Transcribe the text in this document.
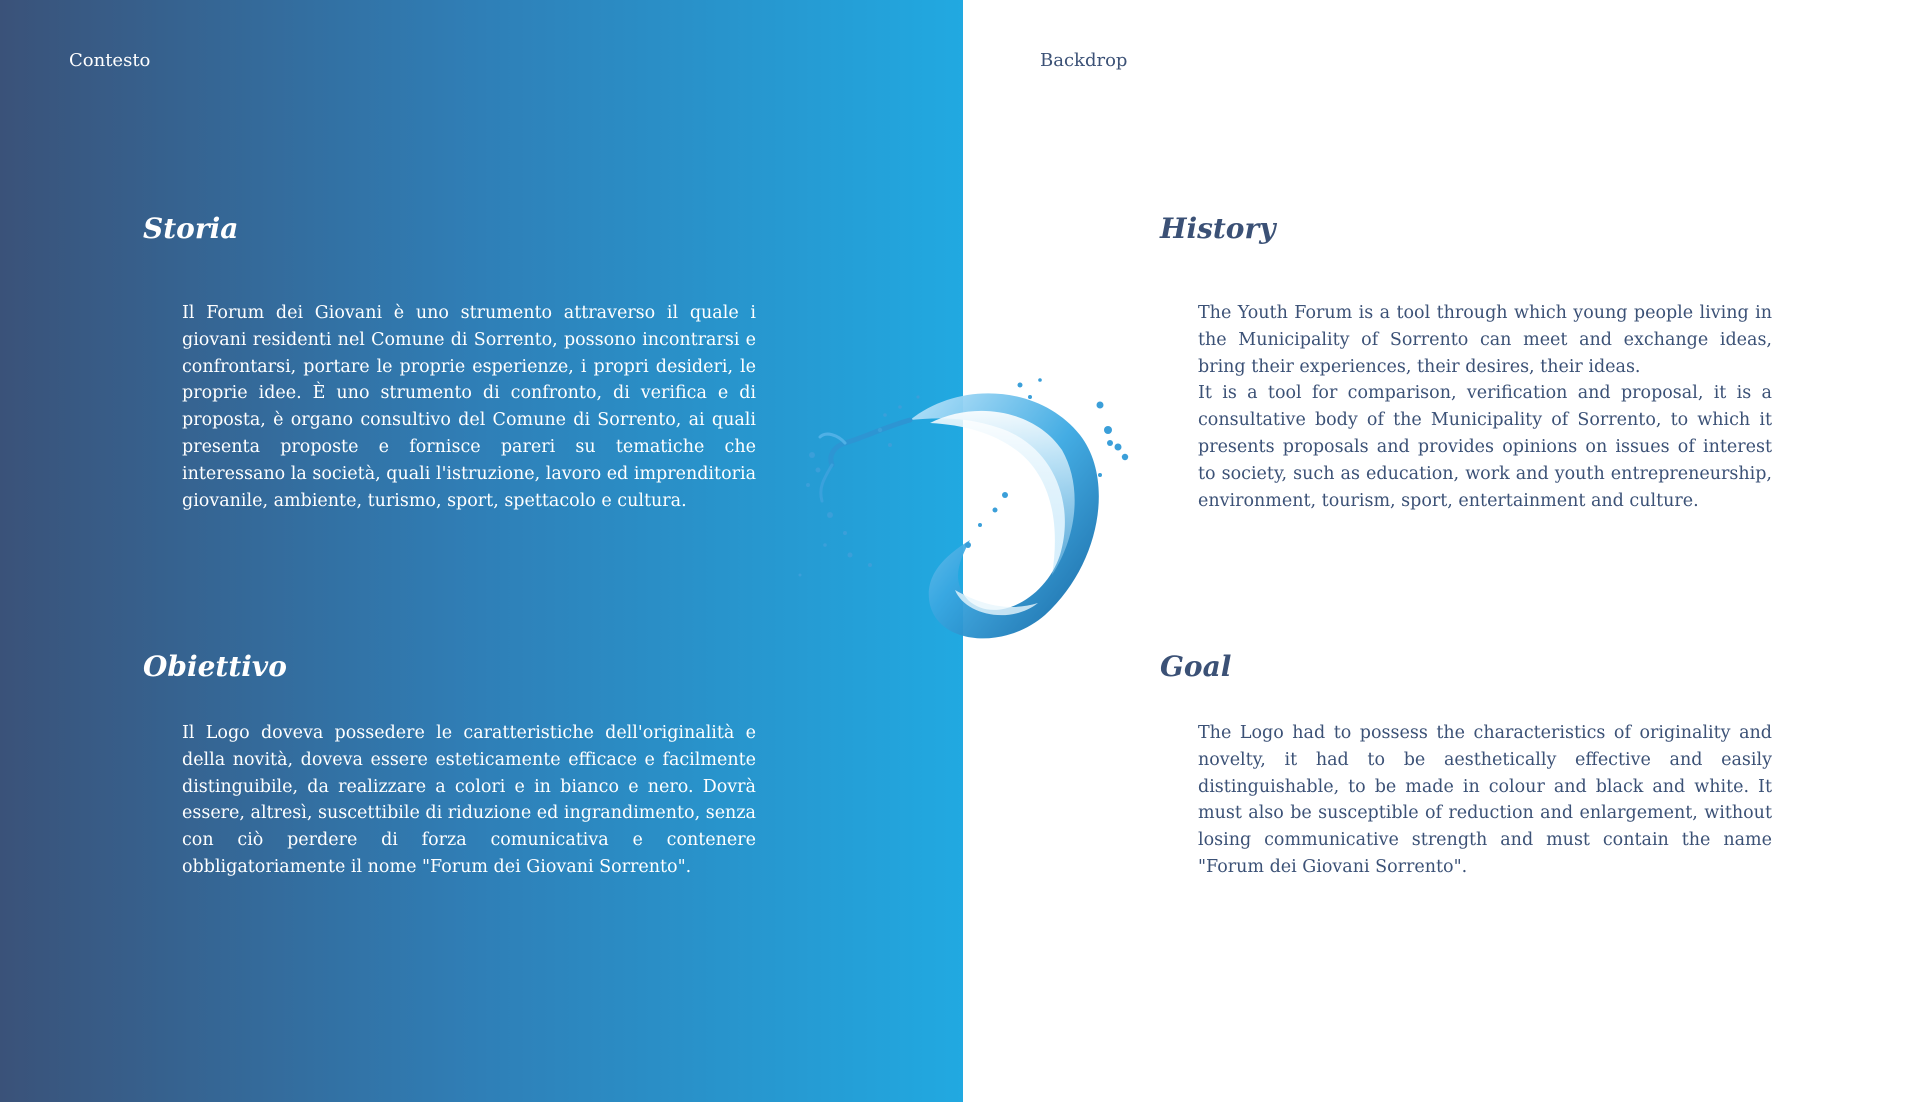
Contesto

Storia

Il Forum dei Giovani è uno strumento attraverso il quale i giovani residenti nel Comune di Sorrento, possono incontrarsi e confrontarsi, portare le proprie esperienze, i propri desideri, le proprie idee. È uno strumento di confronto, di verifica e di proposta, è organo consultivo del Comune di Sorrento, ai quali presenta proposte e fornisce pareri su tematiche che interessano la società, quali l'istruzione, lavoro ed imprenditoria giovanile, ambiente, turismo, sport, spettacolo e cultura.

Obiettivo

Il Logo doveva possedere le caratteristiche dell'originalità e della novità, doveva essere esteticamente efficace e facilmente distinguibile, da realizzare a colori e in bianco e nero. Dovrà essere, altresì, suscettibile di riduzione ed ingrandimento, senza con ciò perdere di forza comunicativa e contenere obbligatoriamente il nome "Forum dei Giovani Sorrento".

Backdrop

History

The Youth Forum is a tool through which young people living in the Municipality of Sorrento can meet and exchange ideas, bring their experiences, their desires, their ideas.
It is a tool for comparison, verification and proposal, it is a consultative body of the Municipality of Sorrento, to which it presents proposals and provides opinions on issues of interest to society, such as education, work and youth entrepreneurship, environment, tourism, sport, entertainment and culture.

Goal

The Logo had to possess the characteristics of originality and novelty, it had to be aesthetically effective and easily distinguishable, to be made in colour and black and white. It must also be susceptible of reduction and enlargement, without losing communicative strength and must contain the name "Forum dei Giovani Sorrento".
